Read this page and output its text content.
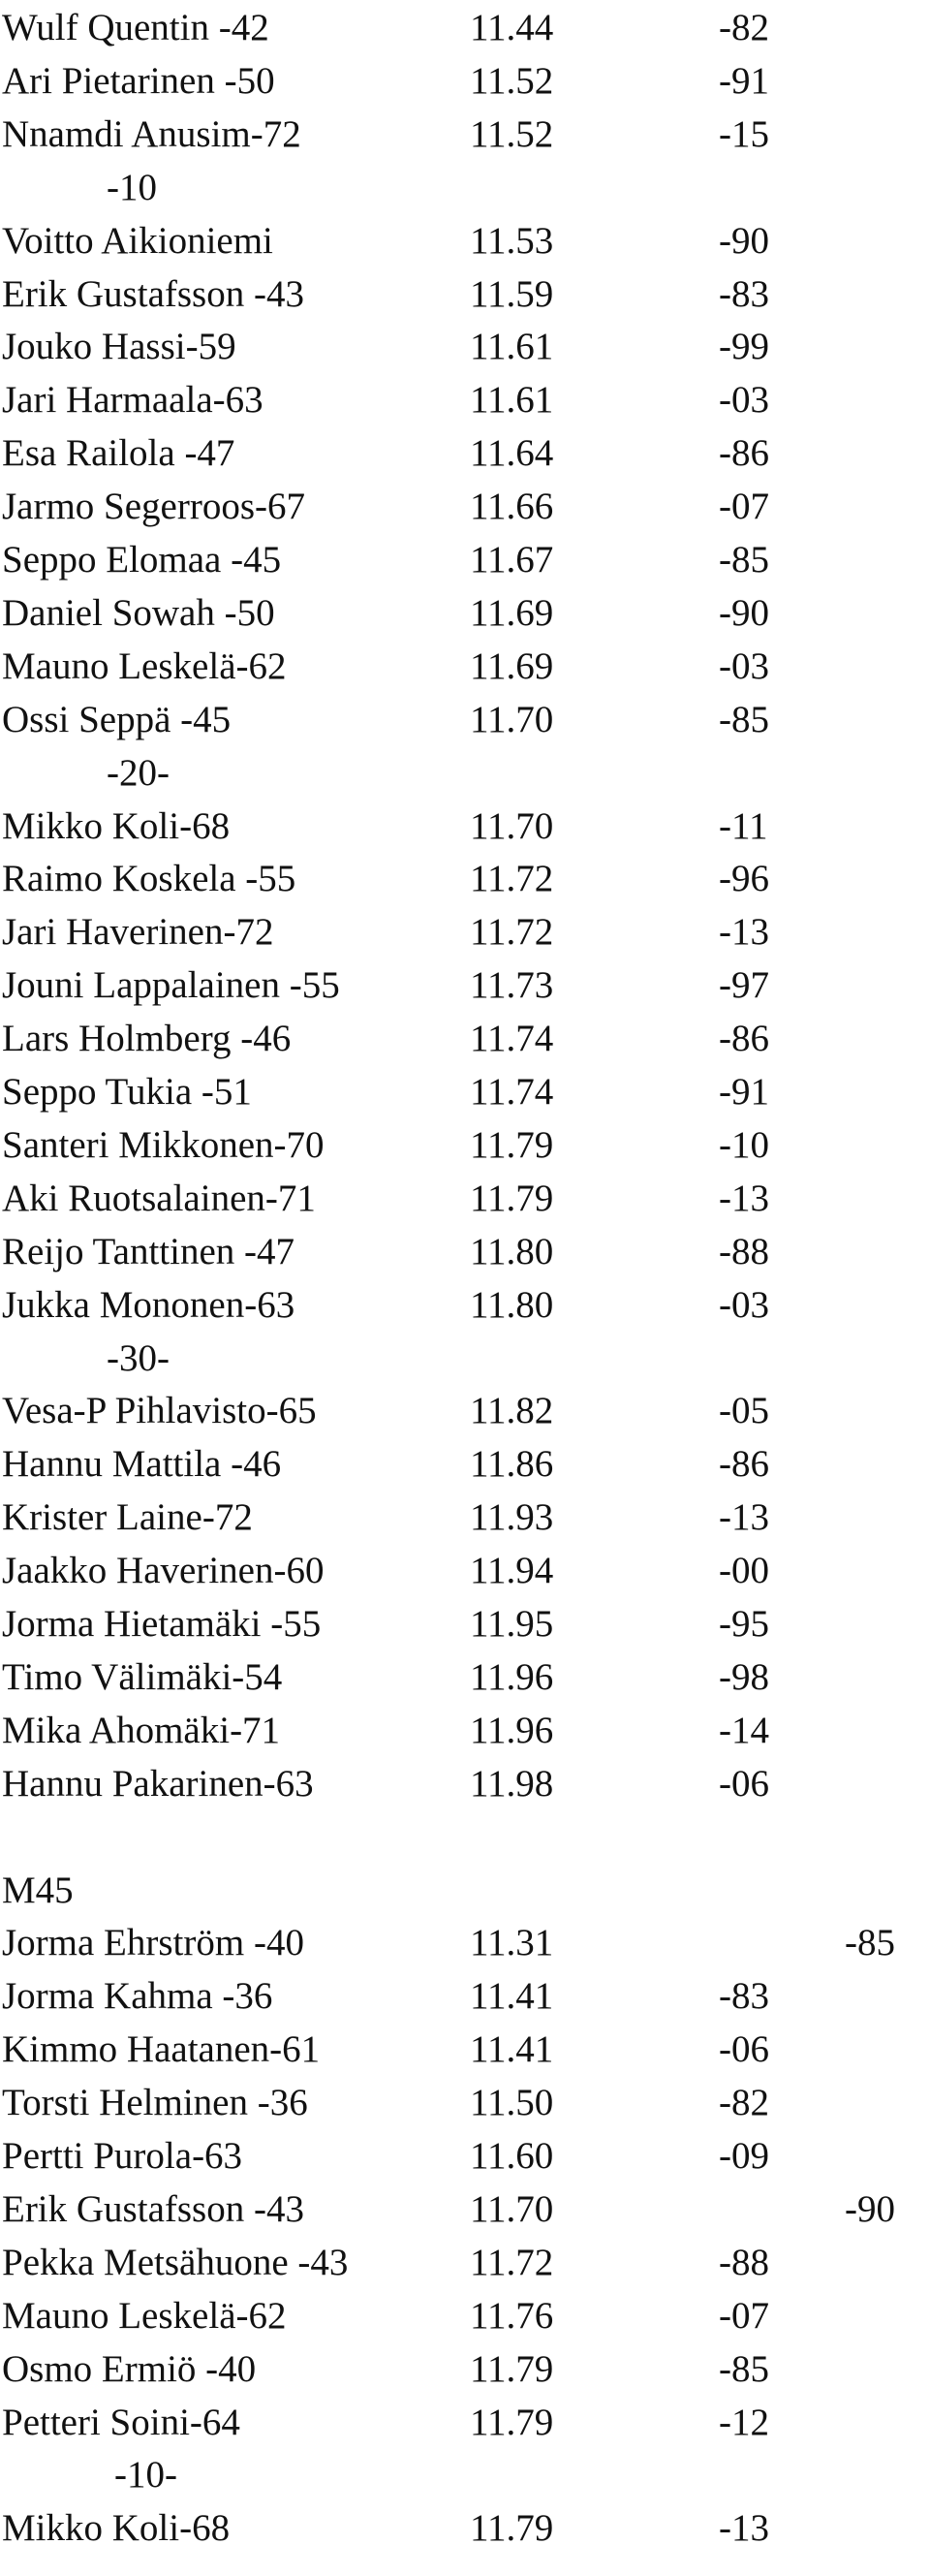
Wulf Quentin -42	11.44	-82
Ari Pietarinen -50	11.52	-91
Nnamdi Anusim-72	11.52	-15
-10
Voitto Aikioniemi	11.53	-90
Erik Gustafsson -43	11.59	-83
Jouko Hassi-59	11.61	-99
Jari Harmaala-63	11.61	-03
Esa Railola -47	11.64	-86
Jarmo Segerroos-67	11.66	-07
Seppo Elomaa -45	11.67	-85
Daniel Sowah -50	11.69	-90
Mauno Leskelä-62	11.69	-03
Ossi Seppä -45	11.70	-85
-20-
Mikko Koli-68	11.70	-11
Raimo Koskela -55	11.72	-96
Jari Haverinen-72	11.72	-13
Jouni Lappalainen -55	11.73	-97
Lars Holmberg -46	11.74	-86
Seppo Tukia -51	11.74	-91
Santeri Mikkonen-70	11.79	-10
Aki Ruotsalainen-71	11.79	-13
Reijo Tanttinen -47	11.80	-88
Jukka Mononen-63	11.80	-03
-30-
Vesa-P Pihlavisto-65	11.82	-05
Hannu Mattila -46	11.86	-86
Krister Laine-72	11.93	-13
Jaakko Haverinen-60	11.94	-00
Jorma Hietamäki -55	11.95	-95
Timo Välimäki-54	11.96	-98
Mika Ahomäki-71	11.96	-14
Hannu Pakarinen-63	11.98	-06
M45
Jorma Ehrström -40	11.31	-85
Jorma Kahma -36	11.41	-83
Kimmo Haatanen-61	11.41	-06
Torsti Helminen -36	11.50	-82
Pertti Purola-63	11.60	-09
Erik Gustafsson -43	11.70	-90
Pekka Metsähuone -43	11.72	-88
Mauno Leskelä-62	11.76	-07
Osmo Ermiö -40	11.79	-85
Petteri Soini-64	11.79	-12
-10-
Mikko Koli-68	11.79	-13
